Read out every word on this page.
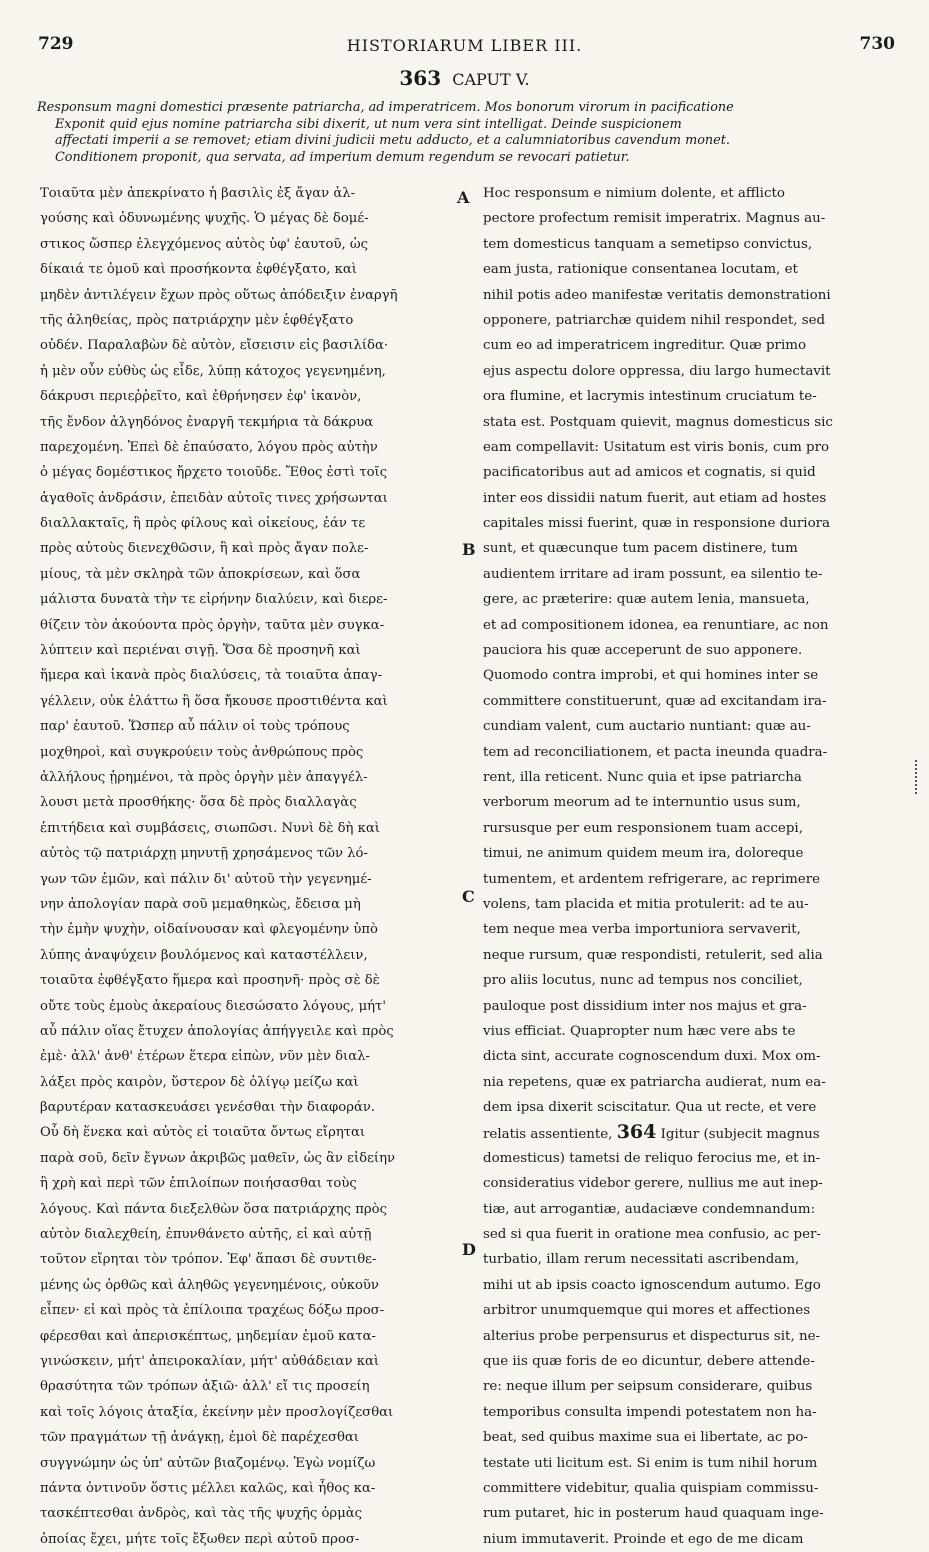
729	HISTORIARUM LIBER III.	730
363 CAPUT V.
Responsum magni domestici præsente patriarcha, ad imperatricem. Mos bonorum virorum in pacificatione
Exponit quid ejus nomine patriarcha sibi dixerit, ut num vera sint intelligat. Deinde suspicionem
affectati imperii a se removet; etiam divini judicii metu adducto, et a calumniatoribus cavendum monet.
Conditionem proponit, qua servata, ad imperium demum regendum se revocari patietur.
Τοιαῦτα μὲν ἀπεκρίνατο ἡ βασιλὶς ἐξ ἄγαν ἀλ-
γούσης καὶ ὀδυνωμένης ψυχῆς. Ὁ μέγας δὲ δομέ-
στικος ὥσπερ ἐλεγχόμενος αὐτὸς ὑφ' ἑαυτοῦ, ὡς
δίκαιά τε ὁμοῦ καὶ προσήκοντα ἐφθέγξατο, καὶ
μηδὲν ἀντιλέγειν ἔχων πρὸς οὕτως ἀπόδειξιν ἐναργῆ
τῆς ἀληθείας, πρὸς πατριάρχην μὲν ἐφθέγξατο
οὐδέν. Παραλαβὼν δὲ αὐτὸν, εἴσεισιν εἰς βασιλίδα·
ἡ μὲν οὖν εὐθὺς ὡς εἶδε, λύπῃ κάτοχος γεγενημένη,
δάκρυσι περιεῤῥεῖτο, καὶ ἐθρήνησεν ἐφ' ἱκανὸν,
τῆς ἔνδον ἀλγηδόνος ἐναργῆ τεκμήρια τὰ δάκρυα
παρεχομένη. Ἐπεὶ δὲ ἐπαύσατο, λόγου πρὸς αὐτὴν
ὁ μέγας δομέστικος ἤρχετο τοιοῦδε. Ἔθος ἐστὶ τοῖς
ἀγαθοῖς ἀνδράσιν, ἐπειδὰν αὐτοῖς τινες χρήσωνται
διαλλακταῖς, ἢ πρὸς φίλους καὶ οἰκείους, ἐάν τε
πρὸς αὐτοὺς διενεχθῶσιν, ἢ καὶ πρὸς ἄγαν πολε-
μίους, τὰ μὲν σκληρὰ τῶν ἀποκρίσεων, καὶ ὅσα
μάλιστα δυνατὰ τὴν τε εἰρήνην διαλύειν, καὶ διερε-
θίζειν τὸν ἀκούοντα πρὸς ὀργὴν, ταῦτα μὲν συγκα-
λύπτειν καὶ περιέναι σιγῇ. Ὅσα δὲ προσηνῆ καὶ
ἥμερα καὶ ἱκανὰ πρὸς διαλύσεις, τὰ τοιαῦτα ἀπαγ-
γέλλειν, οὐκ ἐλάττω ἢ ὅσα ἤκουσε προστιθέντα καὶ
παρ' ἑαυτοῦ. Ὥσπερ αὖ πάλιν οἱ τοὺς τρόπους
μοχθηροὶ, καὶ συγκρούειν τοὺς ἀνθρώπους πρὸς
ἀλλήλους ᾑρημένοι, τὰ πρὸς ὀργὴν μὲν ἀπαγγέλ-
λουσι μετὰ προσθήκης· ὅσα δὲ πρὸς διαλλαγὰς
ἐπιτήδεια καὶ συμβάσεις, σιωπῶσι. Νυνὶ δὲ δὴ καὶ
αὐτὸς τῷ πατριάρχῃ μηνυτῇ χρησάμενος τῶν λό-
γων τῶν ἐμῶν, καὶ πάλιν δι' αὐτοῦ τὴν γεγενημέ-
νην ἀπολογίαν παρὰ σοῦ μεμαθηκὼς, ἔδεισα μὴ
τὴν ἐμὴν ψυχὴν, οἰδαίνουσαν καὶ φλεγομένην ὑπὸ
λύπης ἀναψύχειν βουλόμενος καὶ καταστέλλειν,
τοιαῦτα ἐφθέγξατο ἥμερα καὶ προσηνῆ· πρὸς σὲ δὲ
οὔτε τοὺς ἐμοὺς ἀκεραίους διεσώσατο λόγους, μήτ'
αὖ πάλιν οἵας ἔτυχεν ἀπολογίας ἀπήγγειλε καὶ πρὸς
ἐμὲ· ἀλλ' ἀνθ' ἑτέρων ἕτερα εἰπὼν, νῦν μὲν διαλ-
λάξει πρὸς καιρὸν, ὕστερον δὲ ὀλίγῳ μείζω καὶ
βαρυτέραν κατασκευάσει γενέσθαι τὴν διαφοράν.
Οὗ δὴ ἕνεκα καὶ αὐτὸς εἰ τοιαῦτα ὄντως εἴρηται
παρὰ σοῦ, δεῖν ἔγνων ἀκριβῶς μαθεῖν, ὡς ἂν εἰδείην
ἣ χρὴ καὶ περὶ τῶν ἐπιλοίπων ποιήσασθαι τοὺς
λόγους. Καὶ πάντα διεξελθὼν ὅσα πατριάρχης πρὸς
αὐτὸν διαλεχθείη, ἐπυνθάνετο αὐτῆς, εἰ καὶ αὐτῇ
τοῦτον εἴρηται τὸν τρόπον. Ἐφ' ἅπασι δὲ συντιθε-
μένης ὡς ὀρθῶς καὶ ἀληθῶς γεγενημένοις, οὐκοῦν
εἶπεν· εἰ καὶ πρὸς τὰ ἐπίλοιπα τραχέως δόξω προσ-
φέρεσθαι καὶ ἀπερισκέπτως, μηδεμίαν ἐμοῦ κατα-
γινώσκειν, μήτ' ἀπειροκαλίαν, μήτ' αὐθάδειαν καὶ
θρασύτητα τῶν τρόπων ἀξιῶ· ἀλλ' εἴ τις προσείη
καὶ τοῖς λόγοις ἀταξία, ἐκείνην μὲν προσλογίζεσθαι
τῶν πραγμάτων τῇ ἀνάγκῃ, ἐμοὶ δὲ παρέχεσθαι
συγγνώμην ὡς ὑπ' αὐτῶν βιαζομένῳ. Ἐγὼ νομίζω
πάντα ὁντινοῦν ὅστις μέλλει καλῶς, καὶ ἦθος κα-
τασκέπτεσθαι ἀνδρὸς, καὶ τὰς τῆς ψυχῆς ὁρμὰς
ὁποίας ἔχει, μήτε τοῖς ἔξωθεν περὶ αὐτοῦ προσ-
Hoc responsum e nimium dolente, et afflicto
pectore profectum remisit imperatrix. Magnus au-
tem domesticus tanquam a semetipso convictus,
eam justa, rationique consentanea locutam, et
nihil potis adeo manifestæ veritatis demonstrationi
opponere, patriarchæ quidem nihil respondet, sed
cum eo ad imperatricem ingreditur. Quæ primo
ejus aspectu dolore oppressa, diu largo humectavit
ora flumine, et lacrymis intestinum cruciatum te-
stata est. Postquam quievit, magnus domesticus sic
eam compellavit: Usitatum est viris bonis, cum pro
pacificatoribus aut ad amicos et cognatis, si quid
inter eos dissidii natum fuerit, aut etiam ad hostes
capitales missi fuerint, quæ in responsione duriora
sunt, et quæcunque tum pacem distinere, tum
audientem irritare ad iram possunt, ea silentio te-
gere, ac præterire: quæ autem lenia, mansueta,
et ad compositionem idonea, ea renuntiare, ac non
pauciora his quæ acceperunt de suo apponere.
Quomodo contra improbi, et qui homines inter se
committere constituerunt, quæ ad excitandam ira-
cundiam valent, cum auctario nuntiant: quæ au-
tem ad reconciliationem, et pacta ineunda quadra-
rent, illa reticent. Nunc quia et ipse patriarcha
verborum meorum ad te internuntio usus sum,
rursusque per eum responsionem tuam accepi,
timui, ne animum quidem meum ira, doloreque
tumentem, et ardentem refrigerare, ac reprimere
volens, tam placida et mitia protulerit: ad te au-
tem neque mea verba importuniora servaverit,
neque rursum, quæ respondisti, retulerit, sed alia
pro aliis locutus, nunc ad tempus nos conciliet,
pauloque post dissidium inter nos majus et gra-
vius efficiat. Quapropter num hæc vere abs te
dicta sint, accurate cognoscendum duxi. Mox om-
nia repetens, quæ ex patriarcha audierat, num ea-
dem ipsa dixerit sciscitatur. Qua ut recte, et vere
relatis assentiente, 364 Igitur (subjecit magnus
domesticus) tametsi de reliquo ferocius me, et in-
consideratius videbor gerere, nullius me aut inep-
tiæ, aut arrogantiæ, audaciæve condemnandum:
sed si qua fuerit in oratione mea confusio, ac per-
turbatio, illam rerum necessitati ascribendam,
mihi ut ab ipsis coacto ignoscendum autumo. Ego
arbitror unumquemque qui mores et affectiones
alterius probe perpensurus et dispecturus sit, ne-
que iis quæ foris de eo dicuntur, debere attende-
re: neque illum per seipsum considerare, quibus
temporibus consulta impendi potestatem non ha-
beat, sed quibus maxime sua ei libertate, ac po-
testate uti licitum est. Si enim is tum nihil horum
committere videbitur, qualia quispiam commissu-
rum putaret, hic in posterum haud quaquam inge-
nium immutaverit. Proinde et ego de me dicam
A
B
C
D
